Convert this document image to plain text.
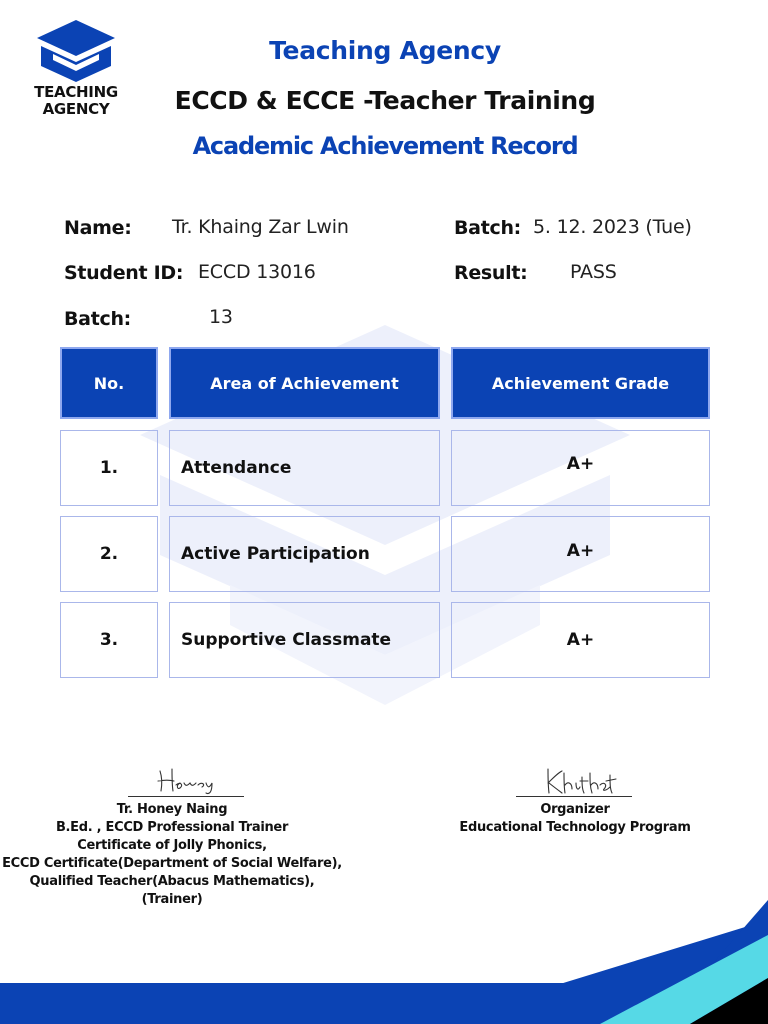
TEACHING
AGENCY
Teaching Agency
ECCD & ECCE -Teacher Training
Academic Achievement Record
Name: Tr. Khaing Zar Lwin	Batch: 5. 12. 2023 (Tue)
Student ID: ECCD 13016	Result: PASS
Batch:	13
No.	Area of Achievement	Achievement Grade
1.	Attendance	A+
2.	Active Participation	A+
3.	Supportive Classmate	A+
Tr. Honey Naing
B.Ed. , ECCD Professional Trainer
Certificate of Jolly Phonics,
ECCD Certificate(Department of Social Welfare),
Qualified Teacher(Abacus Mathematics),
(Trainer)
Organizer
Educational Technology Program
